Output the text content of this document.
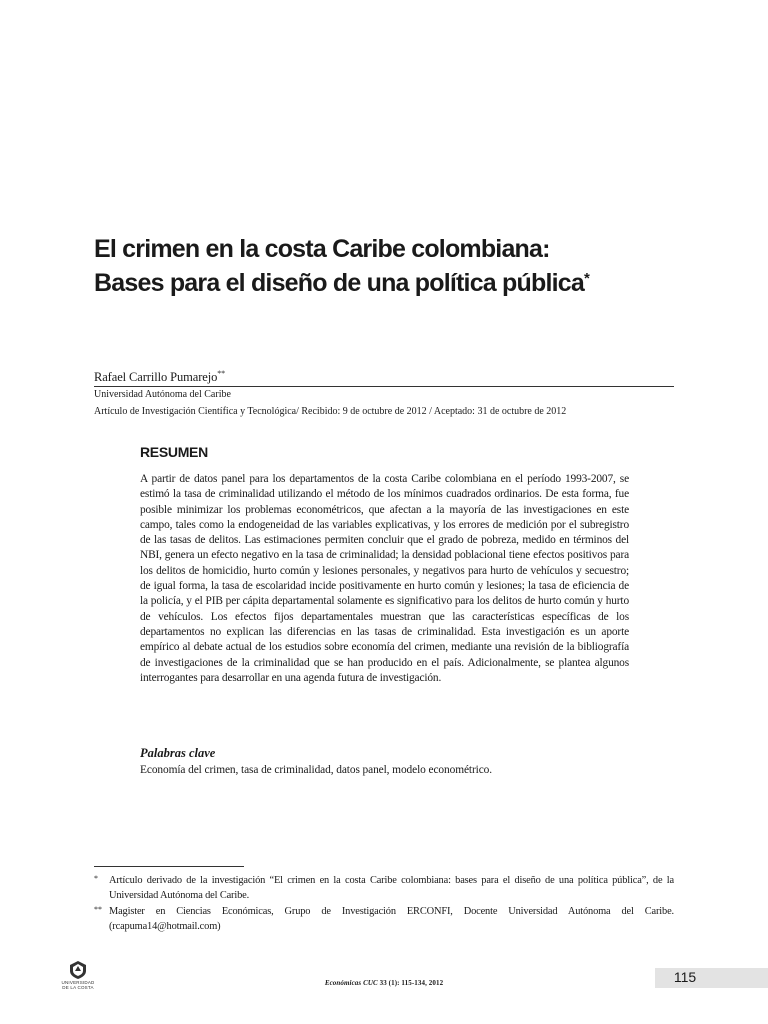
El crimen en la costa Caribe colombiana:
Bases para el diseño de una política pública*
Rafael Carrillo Pumarejo**
Universidad Autónoma del Caribe
Artículo de Investigación Científica y Tecnológica/ Recibido: 9 de octubre de 2012 / Aceptado: 31 de octubre de 2012
RESUMEN

A partir de datos panel para los departamentos de la costa Caribe colombiana en el período 1993-2007, se estimó la tasa de criminalidad utilizando el método de los mínimos cuadrados ordinarios. De esta forma, fue posible minimizar los problemas econométricos, que afectan a la mayoría de las investigaciones en este campo, tales como la endogeneidad de las variables explicativas, y los errores de medición por el subregistro de las tasas de delitos. Las estimaciones permiten concluir que el grado de pobreza, medido en términos del NBI, genera un efecto negativo en la tasa de criminalidad; la densidad poblacional tiene efectos positivos para los delitos de homicidio, hurto común y lesiones personales, y negativos para hurto de vehículos y secuestro; de igual forma, la tasa de escolaridad incide positivamente en hurto común y lesiones; la tasa de eficiencia de la policía, y el PIB per cápita departamental solamente es significativo para los delitos de hurto común y hurto de vehículos. Los efectos fijos departamentales muestran que las características específicas de los departamentos no explican las diferencias en las tasas de criminalidad. Esta investigación es un aporte empírico al debate actual de los estudios sobre economía del crimen, mediante una revisión de la bibliografía de investigaciones de la criminalidad que se han producido en el país. Adicionalmente, se plantea algunos interrogantes para desarrollar en una agenda futura de investigación.

Palabras clave
Economía del crimen, tasa de criminalidad, datos panel, modelo econométrico.
* Artículo derivado de la investigación “El crimen en la costa Caribe colombiana: bases para el diseño de una política pública”, de la Universidad Autónoma del Caribe.
** Magister en Ciencias Económicas, Grupo de Investigación ERCONFI, Docente Universidad Autónoma del Caribe. (rcapuma14@hotmail.com)
UNIVERSIDAD
DE LA COSTA
Económicas CUC 33 (1): 115-134, 2012	115
